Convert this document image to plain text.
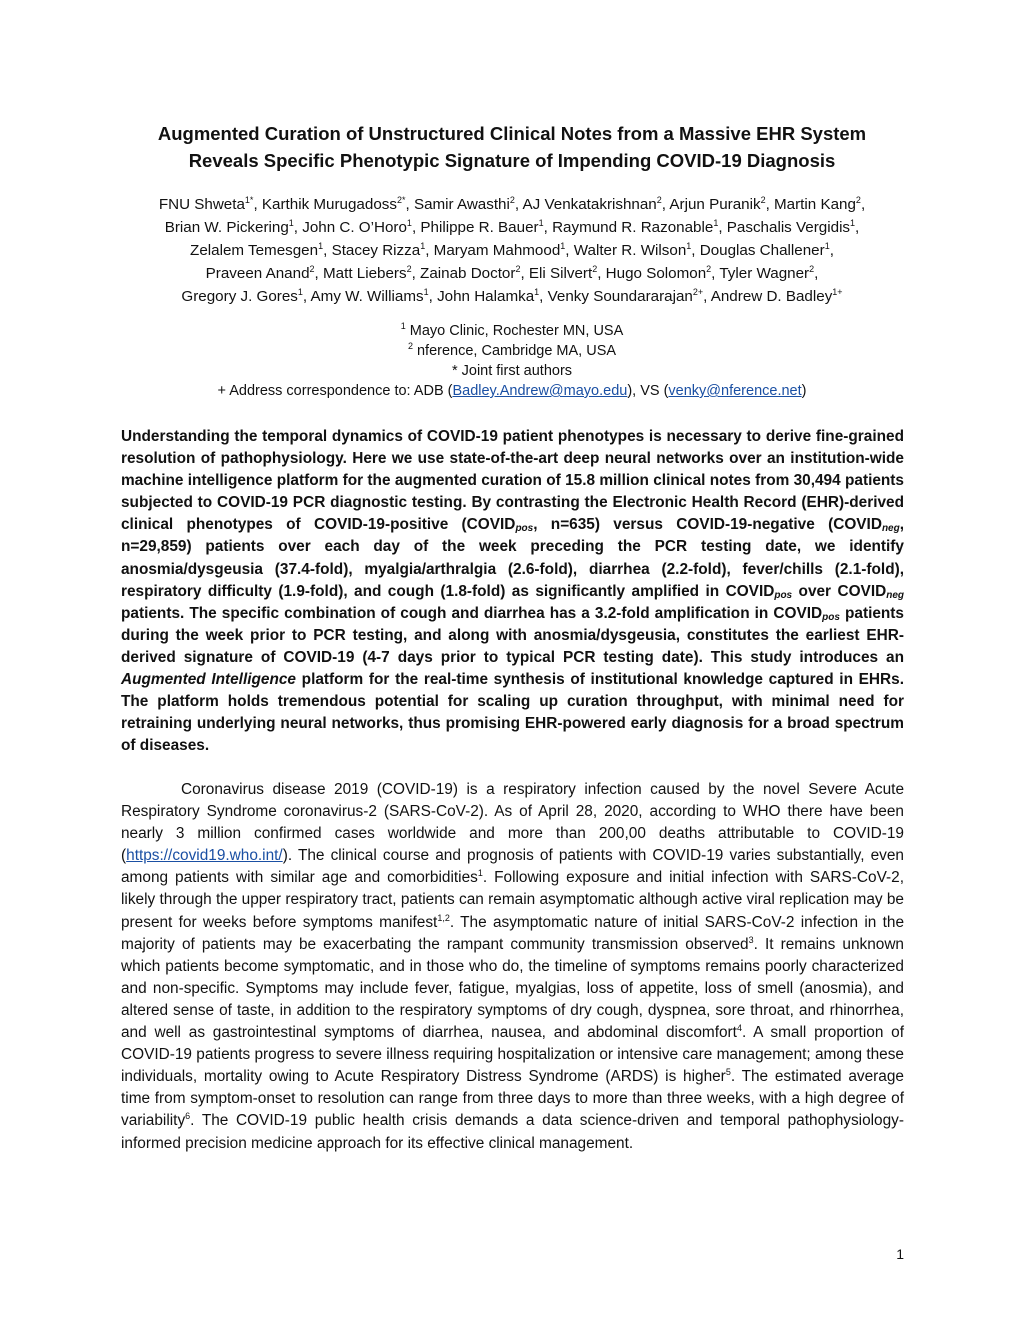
Augmented Curation of Unstructured Clinical Notes from a Massive EHR System
Reveals Specific Phenotypic Signature of Impending COVID-19 Diagnosis
FNU Shweta$^{1*}$, Karthik Murugadoss$^{2*}$, Samir Awasthi$^2$, AJ Venkatakrishnan$^2$, Arjun Puranik$^2$, Martin Kang$^2$,
Brian W. Pickering$^1$, John C. O’Horo$^1$, Philippe R. Bauer$^1$, Raymund R. Razonable$^1$, Paschalis Vergidis$^1$,
Zelalem Temesgen$^1$, Stacey Rizza$^1$, Maryam Mahmood$^1$, Walter R. Wilson$^1$, Douglas Challener$^1$,
Praveen Anand$^2$, Matt Liebers$^2$, Zainab Doctor$^2$, Eli Silvert$^2$, Hugo Solomon$^2$, Tyler Wagner$^2$,
Gregory J. Gores$^1$, Amy W. Williams$^1$, John Halamka$^1$, Venky Soundararajan$^{2+}$, Andrew D. Badley$^{1+}$
$^1$ Mayo Clinic, Rochester MN, USA
$^2$ nference, Cambridge MA, USA
* Joint first authors
+ Address correspondence to: ADB (Badley.Andrew@mayo.edu), VS (venky@nference.net)
Understanding the temporal dynamics of COVID-19 patient phenotypes is necessary to derive fine-grained resolution of pathophysiology. Here we use state-of-the-art deep neural networks over an institution-wide machine intelligence platform for the augmented curation of 15.8 million clinical notes from 30,494 patients subjected to COVID-19 PCR diagnostic testing. By contrasting the Electronic Health Record (EHR)-derived clinical phenotypes of COVID-19-positive ($COVID_{pos}$, n=635) versus COVID-19-negative ($COVID_{neg}$, n=29,859) patients over each day of the week preceding the PCR testing date, we identify anosmia/dysgeusia (37.4-fold), myalgia/arthralgia (2.6-fold), diarrhea (2.2-fold), fever/chills (2.1-fold), respiratory difficulty (1.9-fold), and cough (1.8-fold) as significantly amplified in $COVID_{pos}$ over $COVID_{neg}$ patients. The specific combination of cough and diarrhea has a 3.2-fold amplification in $COVID_{pos}$ patients during the week prior to PCR testing, and along with anosmia/dysgeusia, constitutes the earliest EHR-derived signature of COVID-19 (4-7 days prior to typical PCR testing date). This study introduces an Augmented Intelligence platform for the real-time synthesis of institutional knowledge captured in EHRs. The platform holds tremendous potential for scaling up curation throughput, with minimal need for retraining underlying neural networks, thus promising EHR-powered early diagnosis for a broad spectrum of diseases.
Coronavirus disease 2019 (COVID-19) is a respiratory infection caused by the novel Severe Acute Respiratory Syndrome coronavirus-2 (SARS-CoV-2). As of April 28, 2020, according to WHO there have been nearly 3 million confirmed cases worldwide and more than 200,00 deaths attributable to COVID-19 (https://covid19.who.int/). The clinical course and prognosis of patients with COVID-19 varies substantially, even among patients with similar age and comorbidities$^1$. Following exposure and initial infection with SARS-CoV-2, likely through the upper respiratory tract, patients can remain asymptomatic although active viral replication may be present for weeks before symptoms manifest$^{1,2}$. The asymptomatic nature of initial SARS-CoV-2 infection in the majority of patients may be exacerbating the rampant community transmission observed$^3$. It remains unknown which patients become symptomatic, and in those who do, the timeline of symptoms remains poorly characterized and non-specific. Symptoms may include fever, fatigue, myalgias, loss of appetite, loss of smell (anosmia), and altered sense of taste, in addition to the respiratory symptoms of dry cough, dyspnea, sore throat, and rhinorrhea, and well as gastrointestinal symptoms of diarrhea, nausea, and abdominal discomfort$^4$. A small proportion of COVID-19 patients progress to severe illness requiring hospitalization or intensive care management; among these individuals, mortality owing to Acute Respiratory Distress Syndrome (ARDS) is higher$^5$. The estimated average time from symptom-onset to resolution can range from three days to more than three weeks, with a high degree of variability$^6$. The COVID-19 public health crisis demands a data science-driven and temporal pathophysiology-informed precision medicine approach for its effective clinical management.
1
